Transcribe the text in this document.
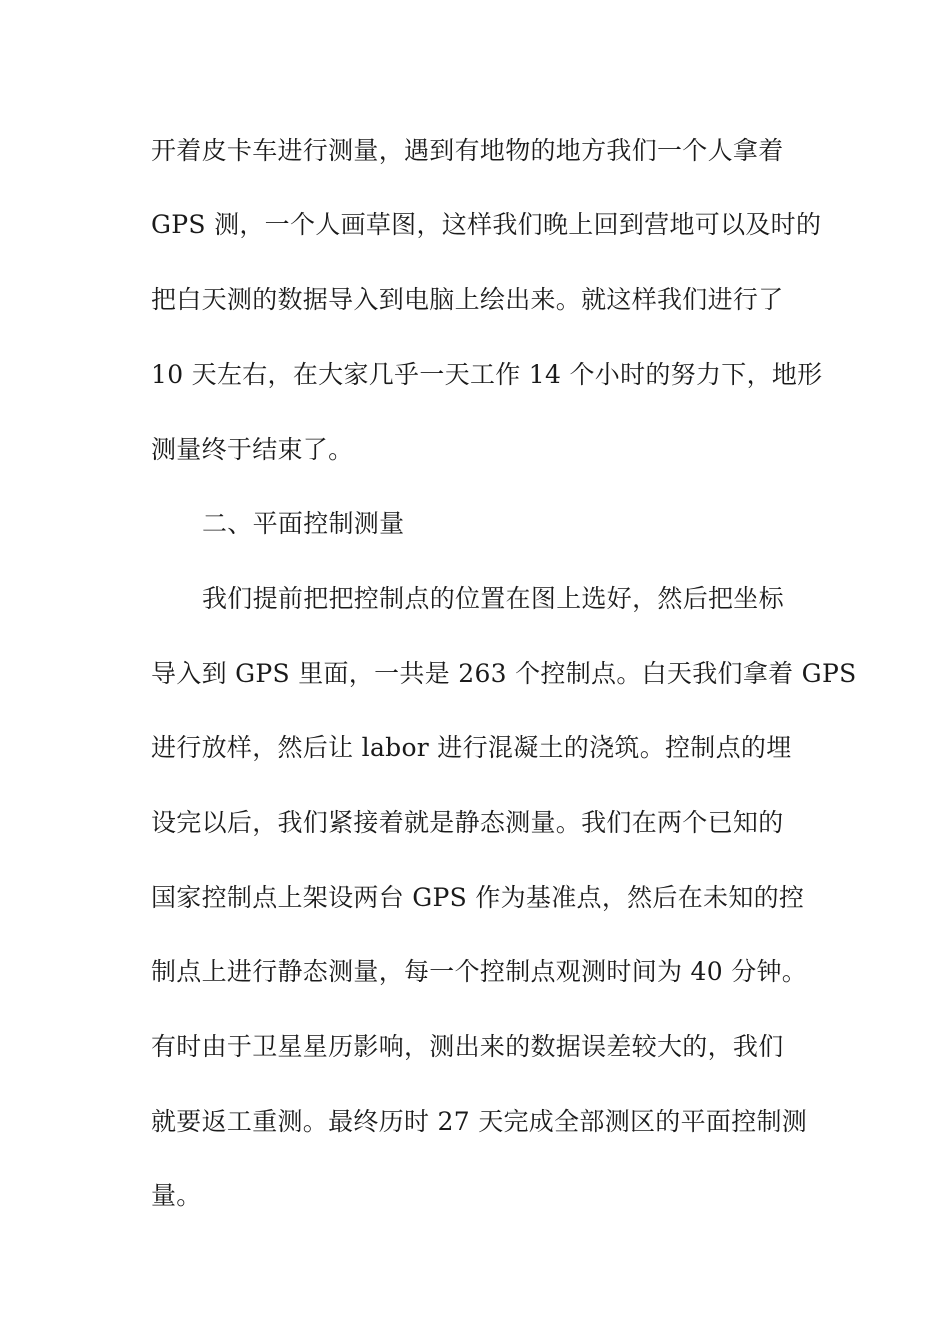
开着皮卡车进行测量，遇到有地物的地方我们一个人拿着
GPS 测，一个人画草图，这样我们晚上回到营地可以及时的
把白天测的数据导入到电脑上绘出来。就这样我们进行了
10 天左右，在大家几乎一天工作 14 个小时的努力下，地形
测量终于结束了。
二、平面控制测量
我们提前把把控制点的位置在图上选好，然后把坐标
导入到 GPS 里面，一共是 263 个控制点。白天我们拿着 GPS
进行放样，然后让 labor 进行混凝土的浇筑。控制点的埋
设完以后，我们紧接着就是静态测量。我们在两个已知的
国家控制点上架设两台 GPS 作为基准点，然后在未知的控
制点上进行静态测量，每一个控制点观测时间为 40 分钟。
有时由于卫星星历影响，测出来的数据误差较大的，我们
就要返工重测。最终历时 27 天完成全部测区的平面控制测
量。
